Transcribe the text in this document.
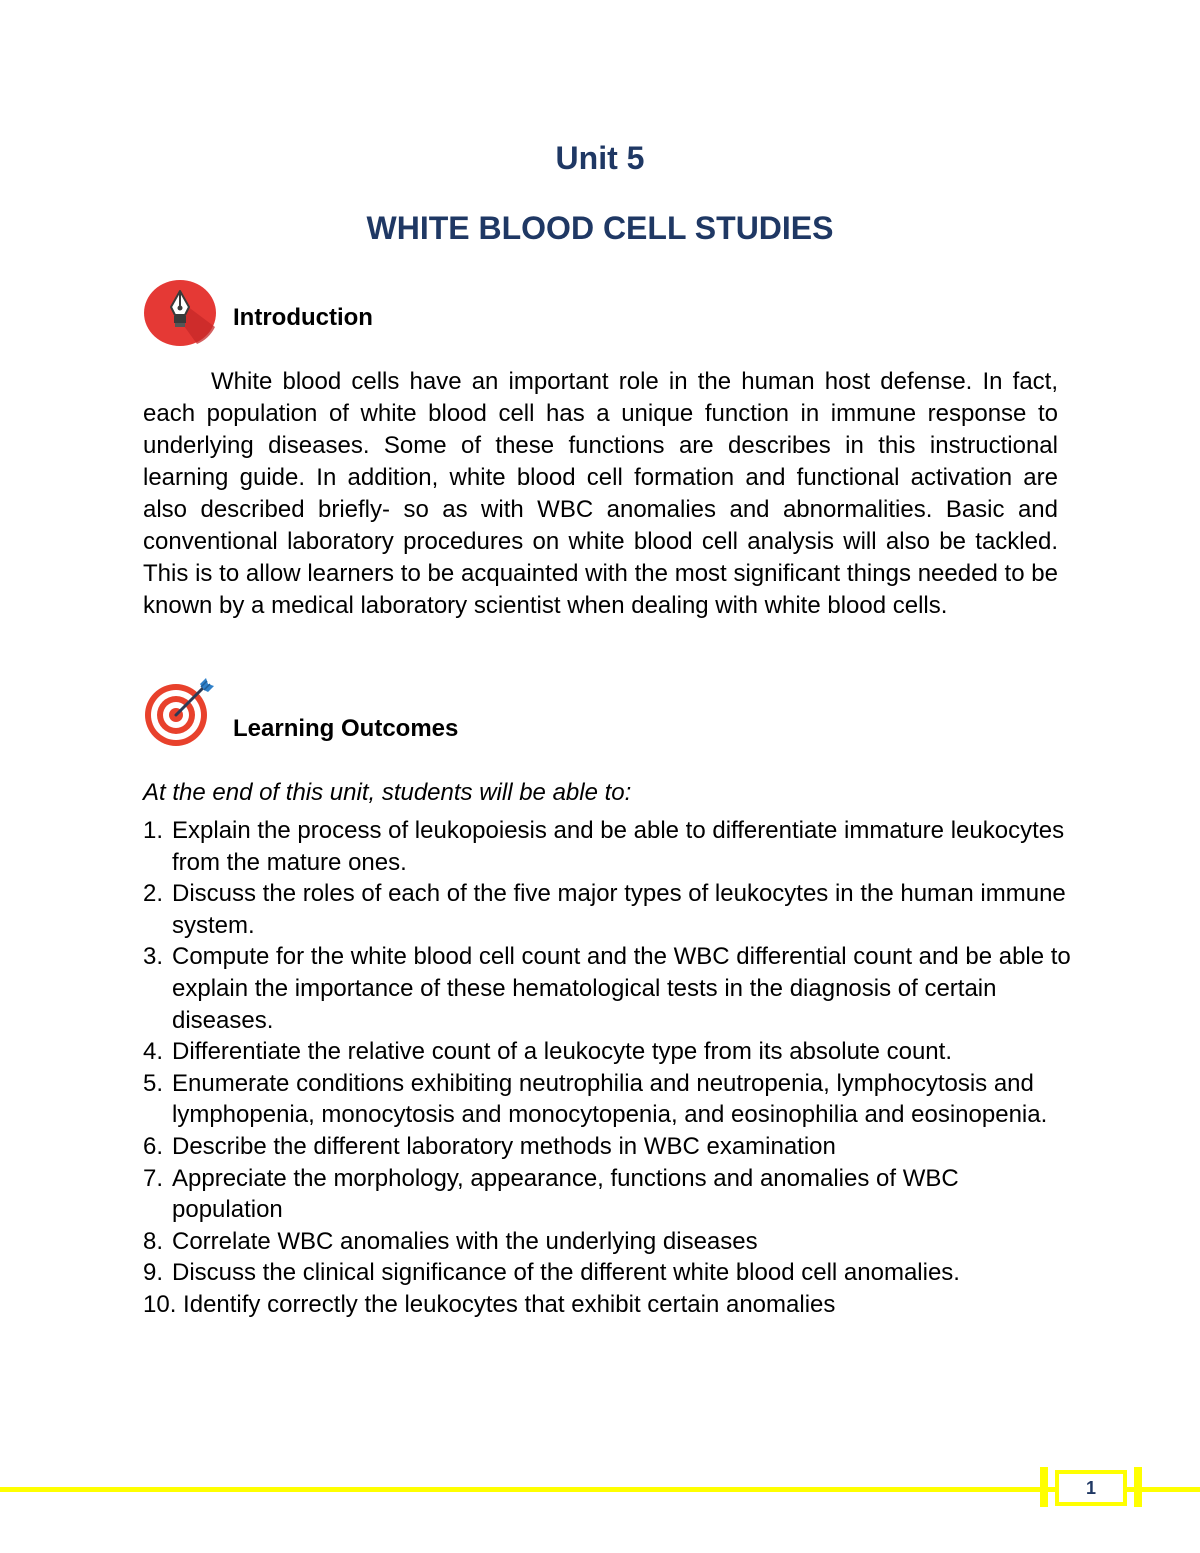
Unit 5
WHITE BLOOD CELL STUDIES
Introduction

White blood cells have an important role in the human host defense. In fact, each population of white blood cell has a unique function in immune response to underlying diseases. Some of these functions are describes in this instructional learning guide. In addition, white blood cell formation and functional activation are also described briefly- so as with WBC anomalies and abnormalities. Basic and conventional laboratory procedures on white blood cell analysis will also be tackled. This is to allow learners to be acquainted with the most significant things needed to be known by a medical laboratory scientist when dealing with white blood cells.

Learning Outcomes
At the end of this unit, students will be able to:
1. Explain the process of leukopoiesis and be able to differentiate immature leukocytes from the mature ones.
2. Discuss the roles of each of the five major types of leukocytes in the human immune system.
3. Compute for the white blood cell count and the WBC differential count and be able to explain the importance of these hematological tests in the diagnosis of certain diseases.
4. Differentiate the relative count of a leukocyte type from its absolute count.
5. Enumerate conditions exhibiting neutrophilia and neutropenia, lymphocytosis and lymphopenia, monocytosis and monocytopenia, and eosinophilia and eosinopenia.
6. Describe the different laboratory methods in WBC examination
7. Appreciate the morphology, appearance, functions and anomalies of WBC population
8. Correlate WBC anomalies with the underlying diseases
9. Discuss the clinical significance of the different white blood cell anomalies.
10. Identify correctly the leukocytes that exhibit certain anomalies
1
